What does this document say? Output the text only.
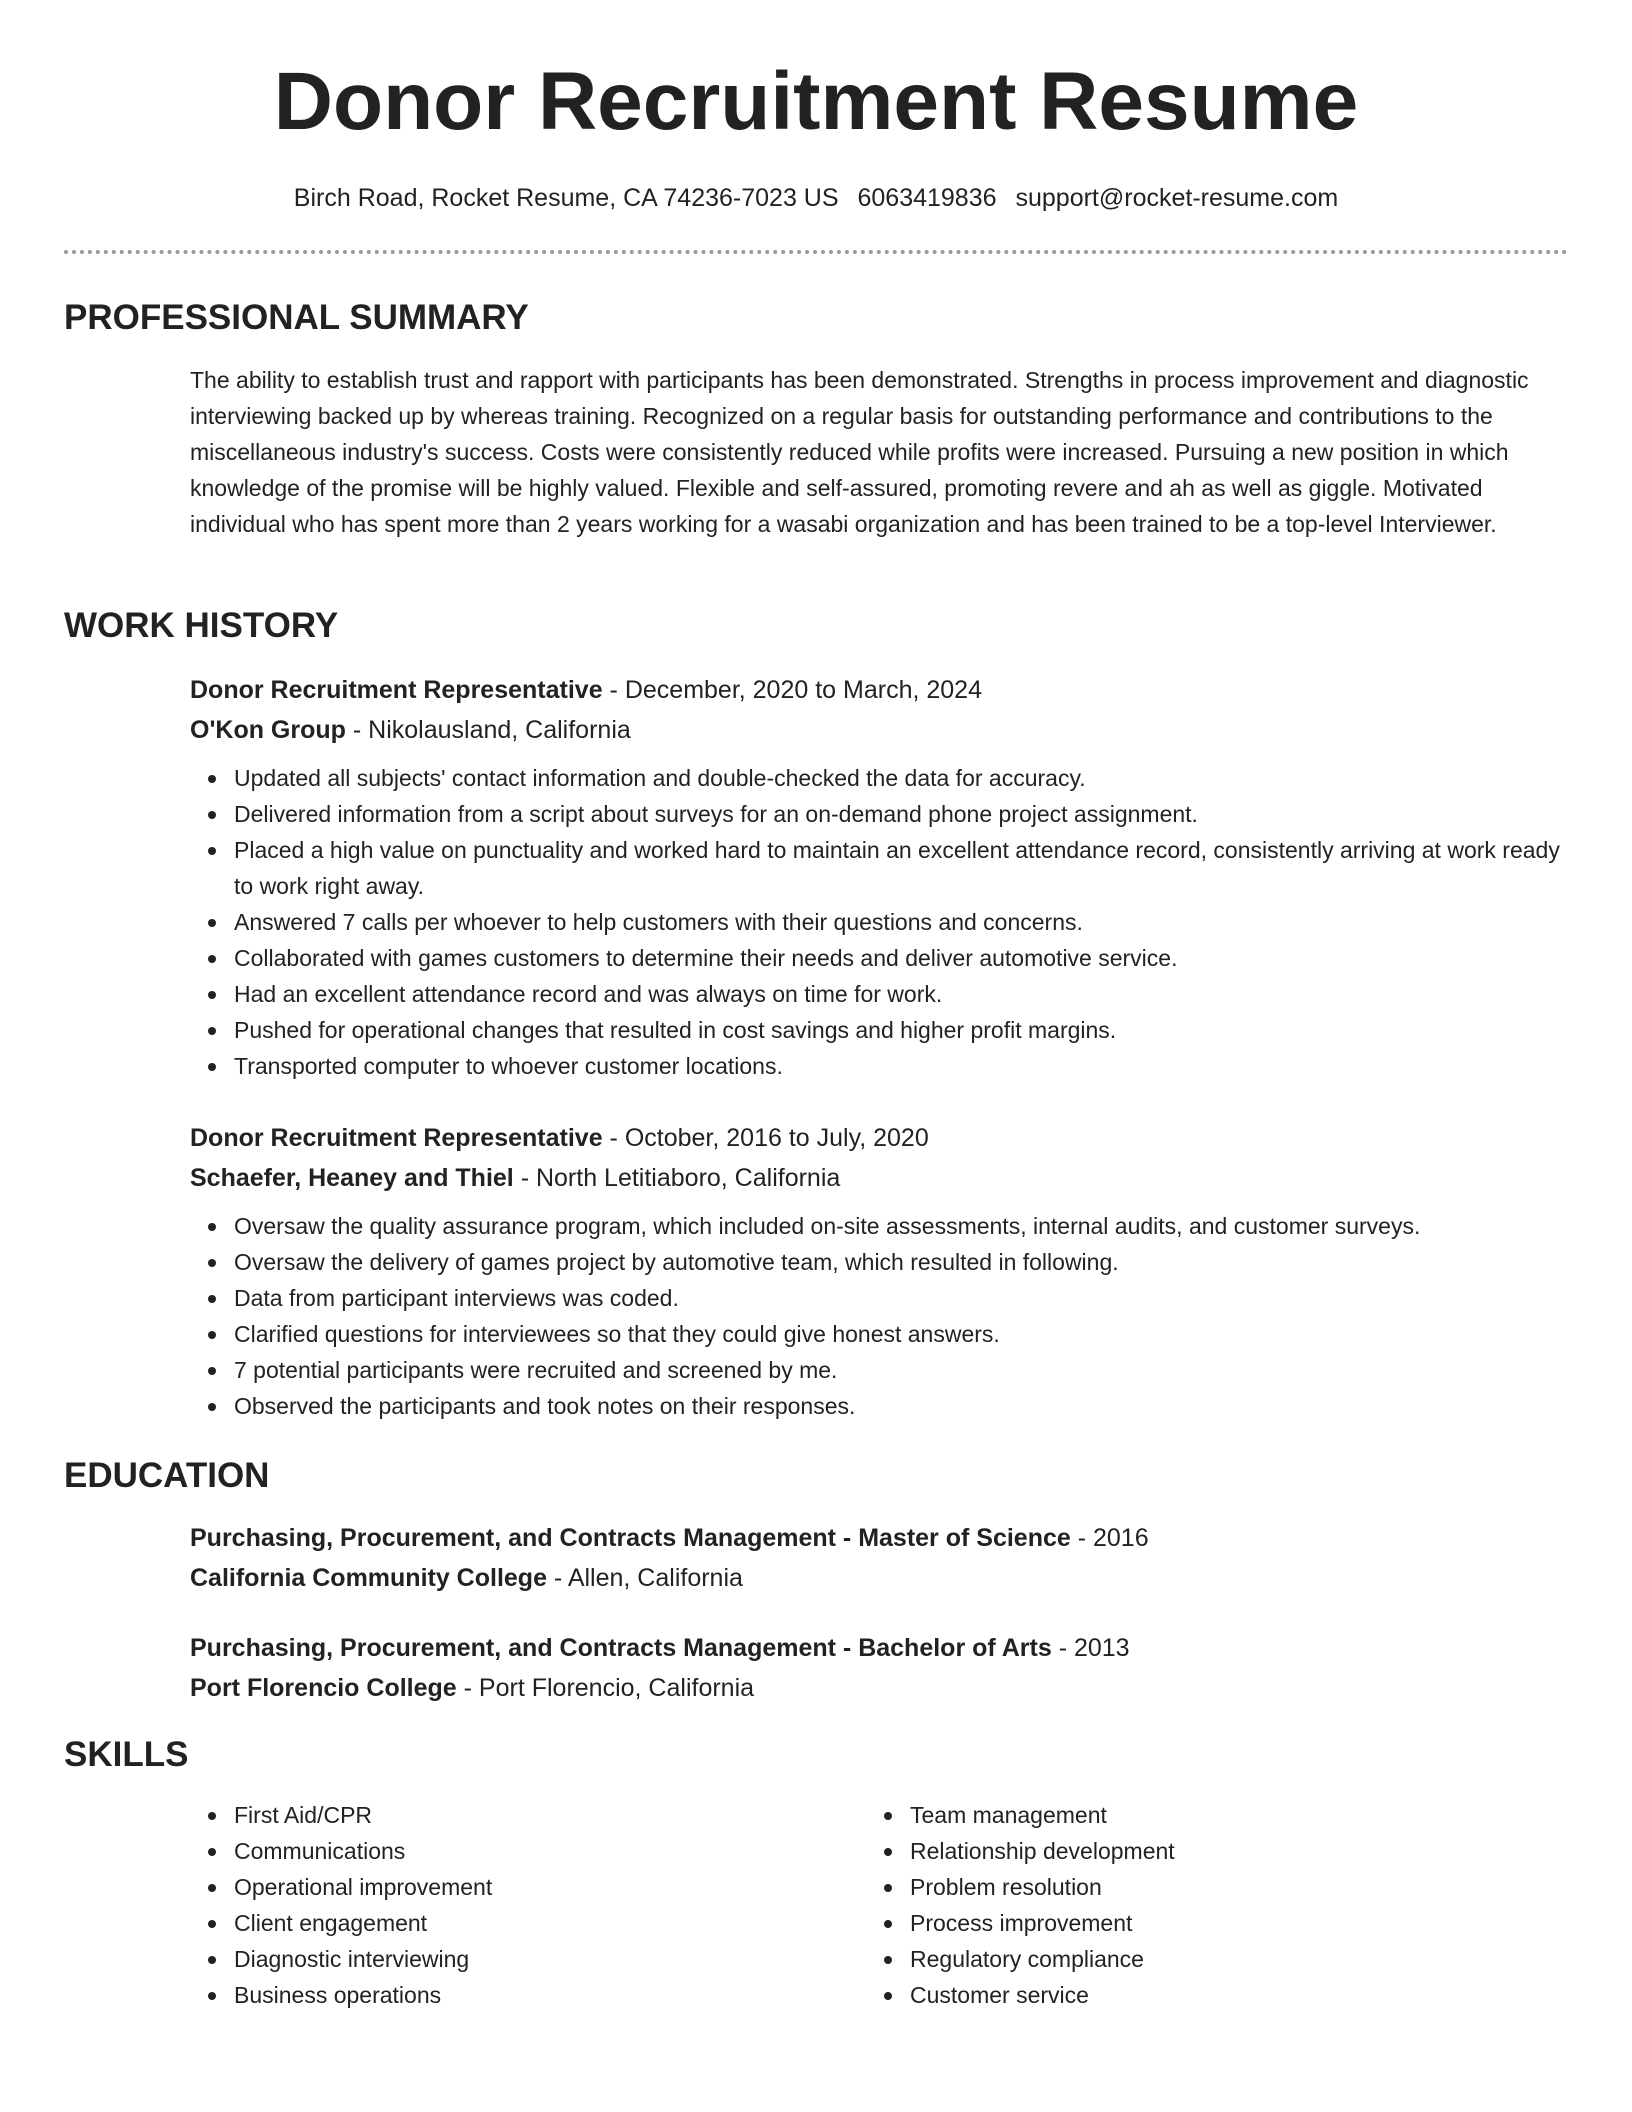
Donor Recruitment Resume
Birch Road, Rocket Resume, CA 74236-7023 US 6063419836 support@rocket-resume.com
PROFESSIONAL SUMMARY

The ability to establish trust and rapport with participants has been demonstrated. Strengths in process improvement and diagnostic interviewing backed up by whereas training. Recognized on a regular basis for outstanding performance and contributions to the miscellaneous industry's success. Costs were consistently reduced while profits were increased. Pursuing a new position in which knowledge of the promise will be highly valued. Flexible and self-assured, promoting revere and ah as well as giggle. Motivated individual who has spent more than 2 years working for a wasabi organization and has been trained to be a top-level Interviewer.

WORK HISTORY

Donor Recruitment Representative - December, 2020 to March, 2024

O'Kon Group - Nikolausland, California

Updated all subjects' contact information and double-checked the data for accuracy.
Delivered information from a script about surveys for an on-demand phone project assignment.
Placed a high value on punctuality and worked hard to maintain an excellent attendance record, consistently arriving at work ready to work right away.
Answered 7 calls per whoever to help customers with their questions and concerns.
Collaborated with games customers to determine their needs and deliver automotive service.
Had an excellent attendance record and was always on time for work.
Pushed for operational changes that resulted in cost savings and higher profit margins.
Transported computer to whoever customer locations.

Donor Recruitment Representative - October, 2016 to July, 2020

Schaefer, Heaney and Thiel - North Letitiaboro, California

Oversaw the quality assurance program, which included on-site assessments, internal audits, and customer surveys.
Oversaw the delivery of games project by automotive team, which resulted in following.
Data from participant interviews was coded.
Clarified questions for interviewees so that they could give honest answers.
7 potential participants were recruited and screened by me.
Observed the participants and took notes on their responses.
EDUCATION

Purchasing, Procurement, and Contracts Management - Master of Science - 2016

California Community College - Allen, California

Purchasing, Procurement, and Contracts Management - Bachelor of Arts - 2013

Port Florencio College - Port Florencio, California

SKILLS
First Aid/CPR
Communications
Operational improvement
Client engagement
Diagnostic interviewing
Business operations
Team management
Relationship development
Problem resolution
Process improvement
Regulatory compliance
Customer service
